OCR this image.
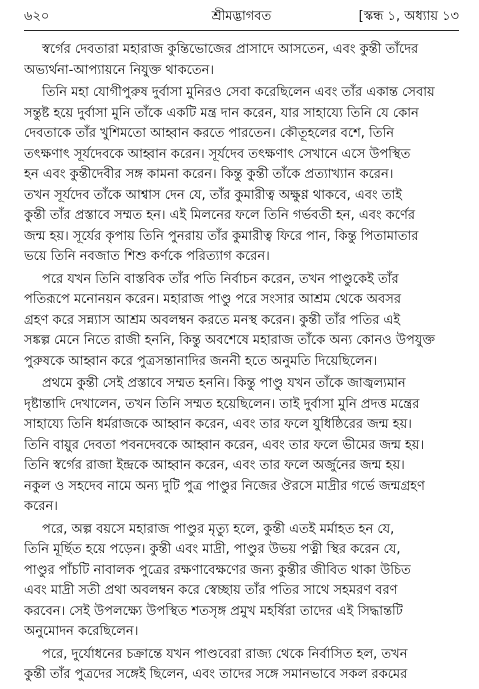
৬২০	শ্রীমদ্ভাগবত	[স্কন্ধ ১, অধ্যায় ১৩
স্বর্গের দেবতারা মহারাজ কুন্তিভোজের প্রাসাদে আসতেন, এবং কুন্তী তাঁদের
অভ্যর্থনা-আপ্যায়নে নিযুক্ত থাকতেন।
তিনি মহা যোগীপুরুষ দুর্বাসা মুনিরও সেবা করেছিলেন এবং তাঁর একান্ত সেবায়
সন্তুষ্ট হয়ে দুর্বাসা মুনি তাঁকে একটি মন্ত্র দান করেন, যার সাহায্যে তিনি যে কোন
দেবতাকে তাঁর খুশিমতো আহ্বান করতে পারতেন। কৌতূহলের বশে, তিনি
তৎক্ষণাৎ সূর্যদেবকে আহ্বান করেন। সূর্যদেব তৎক্ষণাৎ সেখানে এসে উপস্থিত
হন এবং কুন্তীদেবীর সঙ্গ কামনা করেন। কিন্তু কুন্তী তাঁকে প্রত্যাখ্যান করেন।
তখন সূর্যদেব তাঁকে আশ্বাস দেন যে, তাঁর কুমারীত্ব অক্ষুণ্ণ থাকবে, এবং তাই
কুন্তী তাঁর প্রস্তাবে সম্মত হন। এই মিলনের ফলে তিনি গর্ভবতী হন, এবং কর্ণের
জন্ম হয়। সূর্যের কৃপায় তিনি পুনরায় তাঁর কুমারীত্ব ফিরে পান, কিন্তু পিতামাতার
ভয়ে তিনি নবজাত শিশু কর্ণকে পরিত্যাগ করেন।
পরে যখন তিনি বাস্তবিক তাঁর পতি নির্বাচন করেন, তখন পাণ্ডুকেই তাঁর
পতিরূপে মনোনয়ন করেন। মহারাজ পাণ্ডু পরে সংসার আশ্রম থেকে অবসর
গ্রহণ করে সন্ন্যাস আশ্রম অবলম্বন করতে মনস্থ করেন। কুন্তী তাঁর পতির এই
সঙ্কল্প মেনে নিতে রাজী হননি, কিন্তু অবশেষে মহারাজ তাঁকে অন্য কোনও উপযুক্ত
পুরুষকে আহ্বান করে পুত্রসন্তানাদির জননী হতে অনুমতি দিয়েছিলেন।
প্রথমে কুন্তী সেই প্রস্তাবে সম্মত হননি। কিন্তু পাণ্ডু যখন তাঁকে জাজ্বল্যমান
দৃষ্টান্তাদি দেখালেন, তখন তিনি সম্মত হয়েছিলেন। তাই দুর্বাসা মুনি প্রদত্ত মন্ত্রের
সাহায্যে তিনি ধর্মরাজকে আহ্বান করেন, এবং তার ফলে যুধিষ্ঠিরের জন্ম হয়।
তিনি বায়ুর দেবতা পবনদেবকে আহ্বান করেন, এবং তার ফলে ভীমের জন্ম হয়।
তিনি স্বর্গের রাজা ইন্দ্রকে আহ্বান করেন, এবং তার ফলে অর্জুনের জন্ম হয়।
নকুল ও সহদেব নামে অন্য দুটি পুত্র পাণ্ডুর নিজের ঔরসে মাদ্রীর গর্ভে জন্মগ্রহণ
করেন।
পরে, অল্প বয়সে মহারাজ পাণ্ডুর মৃত্যু হলে, কুন্তী এতই মর্মাহত হন যে,
তিনি মূর্ছিত হয়ে পড়েন। কুন্তী এবং মাদ্রী, পাণ্ডুর উভয় পত্নী স্থির করেন যে,
পাণ্ডুর পাঁচটি নাবালক পুত্রের রক্ষণাবেক্ষণের জন্য কুন্তীর জীবিত থাকা উচিত
এবং মাদ্রী সতী প্রথা অবলম্বন করে স্বেচ্ছায় তাঁর পতির সাথে সহমরণ বরণ
করবেন। সেই উপলক্ষ্যে উপস্থিত শতসৃঙ্গ প্রমুখ মহর্ষিরা তাদের এই সিদ্ধান্তটি
অনুমোদন করেছিলেন।
পরে, দুর্যোধনের চক্রান্তে যখন পাণ্ডবেরা রাজ্য থেকে নির্বাসিত হল, তখন
কুন্তী তাঁর পুত্রদের সঙ্গেই ছিলেন, এবং তাদের সঙ্গে সমানভাবে সকল রকমের
